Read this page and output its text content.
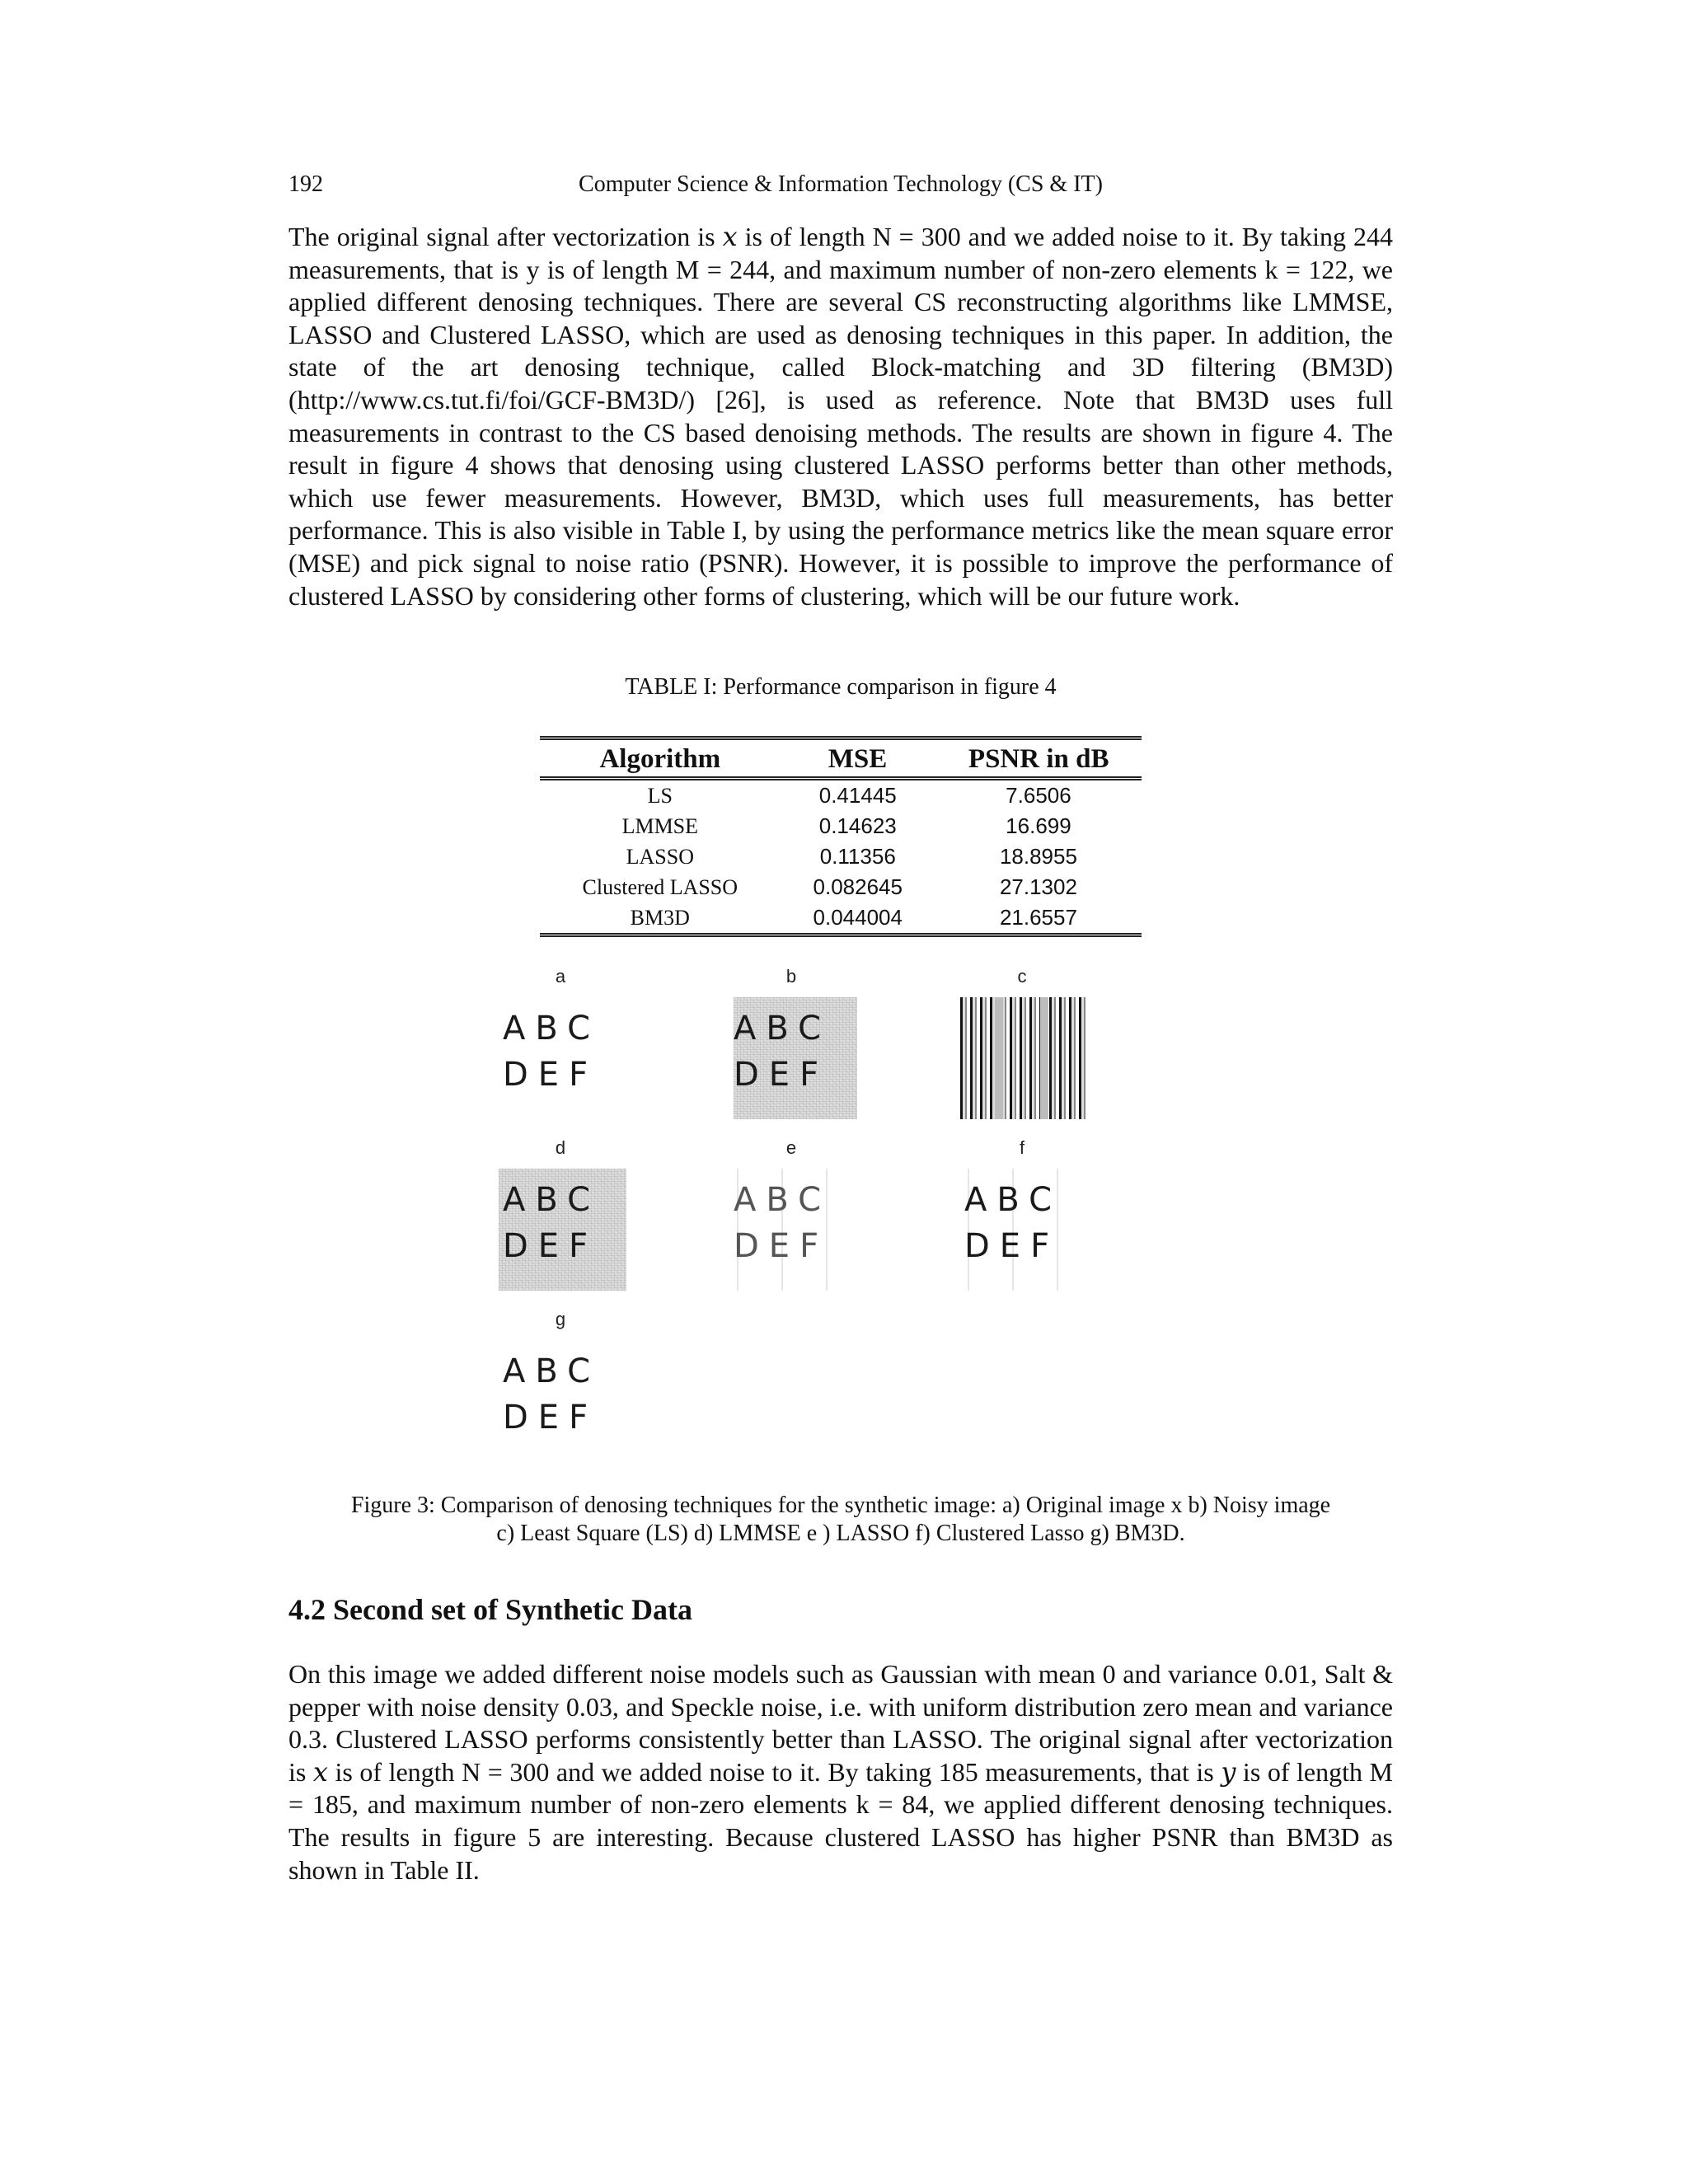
192	Computer Science & Information Technology (CS & IT)

The original signal after vectorization is x is of length N = 300 and we added noise to it. By taking 244 measurements, that is y is of length M = 244, and maximum number of non-zero elements k = 122, we applied different denosing techniques. There are several CS reconstructing algorithms like LMMSE, LASSO and Clustered LASSO, which are used as denosing techniques in this paper. In addition, the state of the art denosing technique, called Block-matching and 3D filtering (BM3D) (http://www.cs.tut.fi/foi/GCF-BM3D/) [26], is used as reference. Note that BM3D uses full measurements in contrast to the CS based denoising methods. The results are shown in figure 4. The result in figure 4 shows that denosing using clustered LASSO performs better than other methods, which use fewer measurements. However, BM3D, which uses full measurements, has better performance. This is also visible in Table I, by using the performance metrics like the mean square error (MSE) and pick signal to noise ratio (PSNR). However, it is possible to improve the performance of clustered LASSO by considering other forms of clustering, which will be our future work.

TABLE I: Performance comparison in figure 4
Algorithm	MSE	PSNR in dB
LS	0.41445	7.6506
LMMSE	0.14623	16.699
LASSO	0.11356	18.8955
Clustered LASSO	0.082645	27.1302
BM3D	0.044004	21.6557
a
ABC
DEF
b
ABC
DEF
c
d
ABC
DEF
e
ABC
DEF
f
ABC
DEF
g
ABC
DEF
Figure 3: Comparison of denosing techniques for the synthetic image: a) Original image x b) Noisy image
c) Least Square (LS) d) LMMSE e ) LASSO f) Clustered Lasso g) BM3D.
4.2 Second set of Synthetic Data

On this image we added different noise models such as Gaussian with mean 0 and variance 0.01, Salt & pepper with noise density 0.03, and Speckle noise, i.e. with uniform distribution zero mean and variance 0.3. Clustered LASSO performs consistently better than LASSO. The original signal after vectorization is x is of length N = 300 and we added noise to it. By taking 185 measurements, that is y is of length M = 185, and maximum number of non-zero elements k = 84, we applied different denosing techniques. The results in figure 5 are interesting. Because clustered LASSO has higher PSNR than BM3D as shown in Table II.
